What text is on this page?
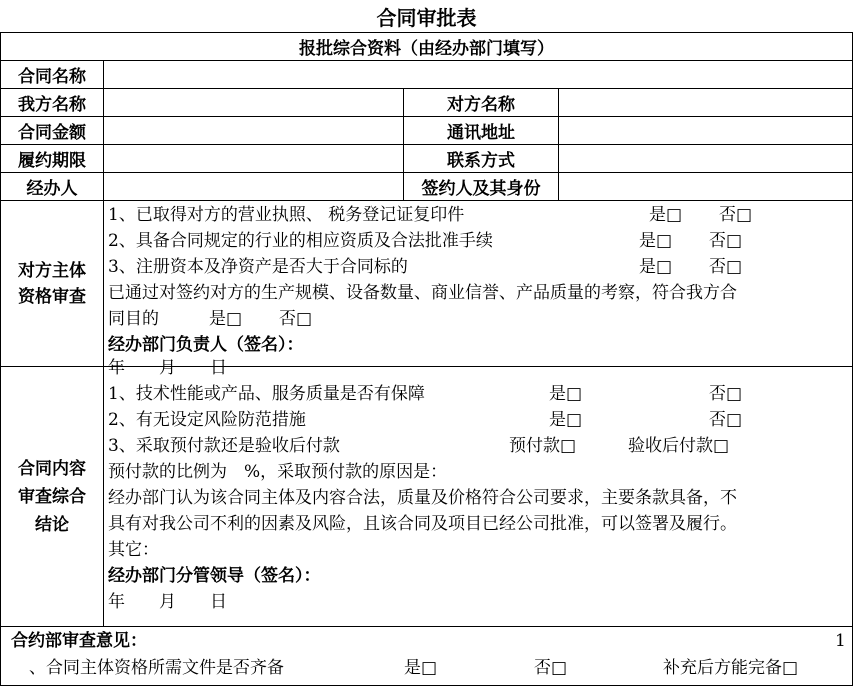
合同审批表
报批综合资料（由经办部门填写）
合同名称
我方名称	对方名称
合同金额	通讯地址
履约期限	联系方式
经办人	签约人及其身份
对方主体
资格审查
1、已取得对方的营业执照、 税务登记证复印件	是□ 否□
2、具备合同规定的行业的相应资质及合法批准手续	是□ 否□
3、注册资本及净资产是否大于合同标的	是□ 否□
已通过对签约对方的生产规模、设备数量、商业信誉、产品质量的考察，符合我方合
同目的	是□ 否□
经办部门负责人（签名）：
年　　月　　日
合同内容
审查综合
结论
1、技术性能或产品、服务质量是否有保障	是□	否□
2、有无设定风险防范措施	是□	否□
3、采取预付款还是验收后付款	预付款□	验收后付款□
预付款的比例为　%，采取预付款的原因是：
经办部门认为该合同主体及内容合法，质量及价格符合公司要求，主要条款具备，不
具有对我公司不利的因素及风险，且该合同及项目已经公司批准，可以签署及履行。
其它：
经办部门分管领导（签名）：
年　　月　　日
合约部审查意见：	1
、合同主体资格所需文件是否齐备	是□	否□	补充后方能完备□
